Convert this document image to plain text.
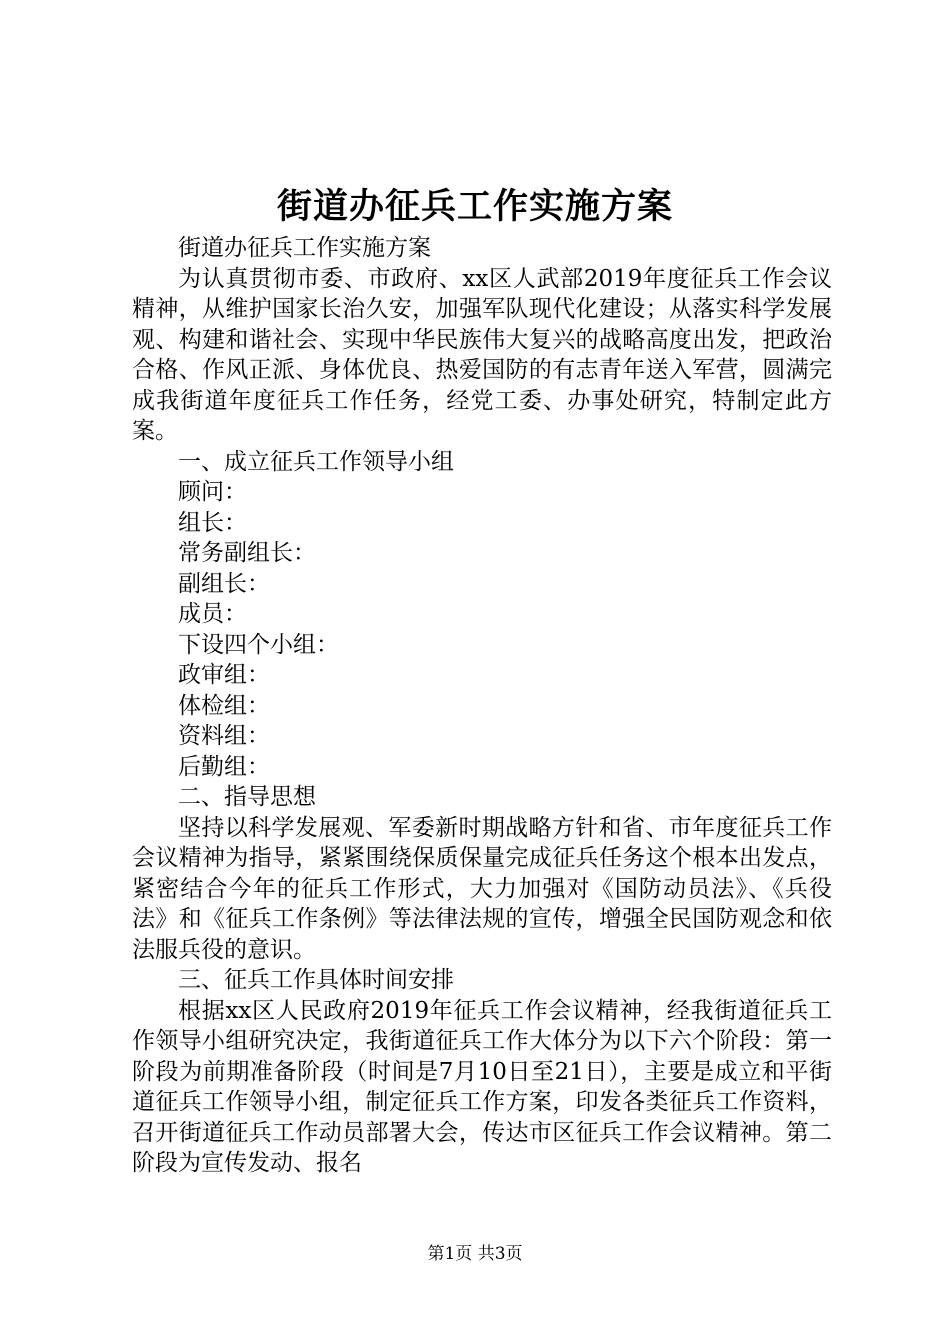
街道办征兵工作实施方案

街道办征兵工作实施方案

为认真贯彻市委、市政府、xx区人武部2019年度征兵工作会议精神，从维护国家长治久安，加强军队现代化建设；从落实科学发展观、构建和谐社会、实现中华民族伟大复兴的战略高度出发，把政治合格、作风正派、身体优良、热爱国防的有志青年送入军营，圆满完成我街道年度征兵工作任务，经党工委、办事处研究，特制定此方案。

一、成立征兵工作领导小组

顾问：

组长：

常务副组长：

副组长：

成员：

下设四个小组：

政审组：

体检组：

资料组：

后勤组：

二、指导思想

坚持以科学发展观、军委新时期战略方针和省、市年度征兵工作会议精神为指导，紧紧围绕保质保量完成征兵任务这个根本出发点，紧密结合今年的征兵工作形式，大力加强对《国防动员法》、《兵役法》和《征兵工作条例》等法律法规的宣传，增强全民国防观念和依法服兵役的意识。

三、征兵工作具体时间安排

根据xx区人民政府2019年征兵工作会议精神，经我街道征兵工作领导小组研究决定，我街道征兵工作大体分为以下六个阶段：第一阶段为前期准备阶段（时间是7月10日至21日），主要是成立和平街道征兵工作领导小组，制定征兵工作方案，印发各类征兵工作资料，召开街道征兵工作动员部署大会，传达市区征兵工作会议精神。第二阶段为宣传发动、报名

第1页 共3页
